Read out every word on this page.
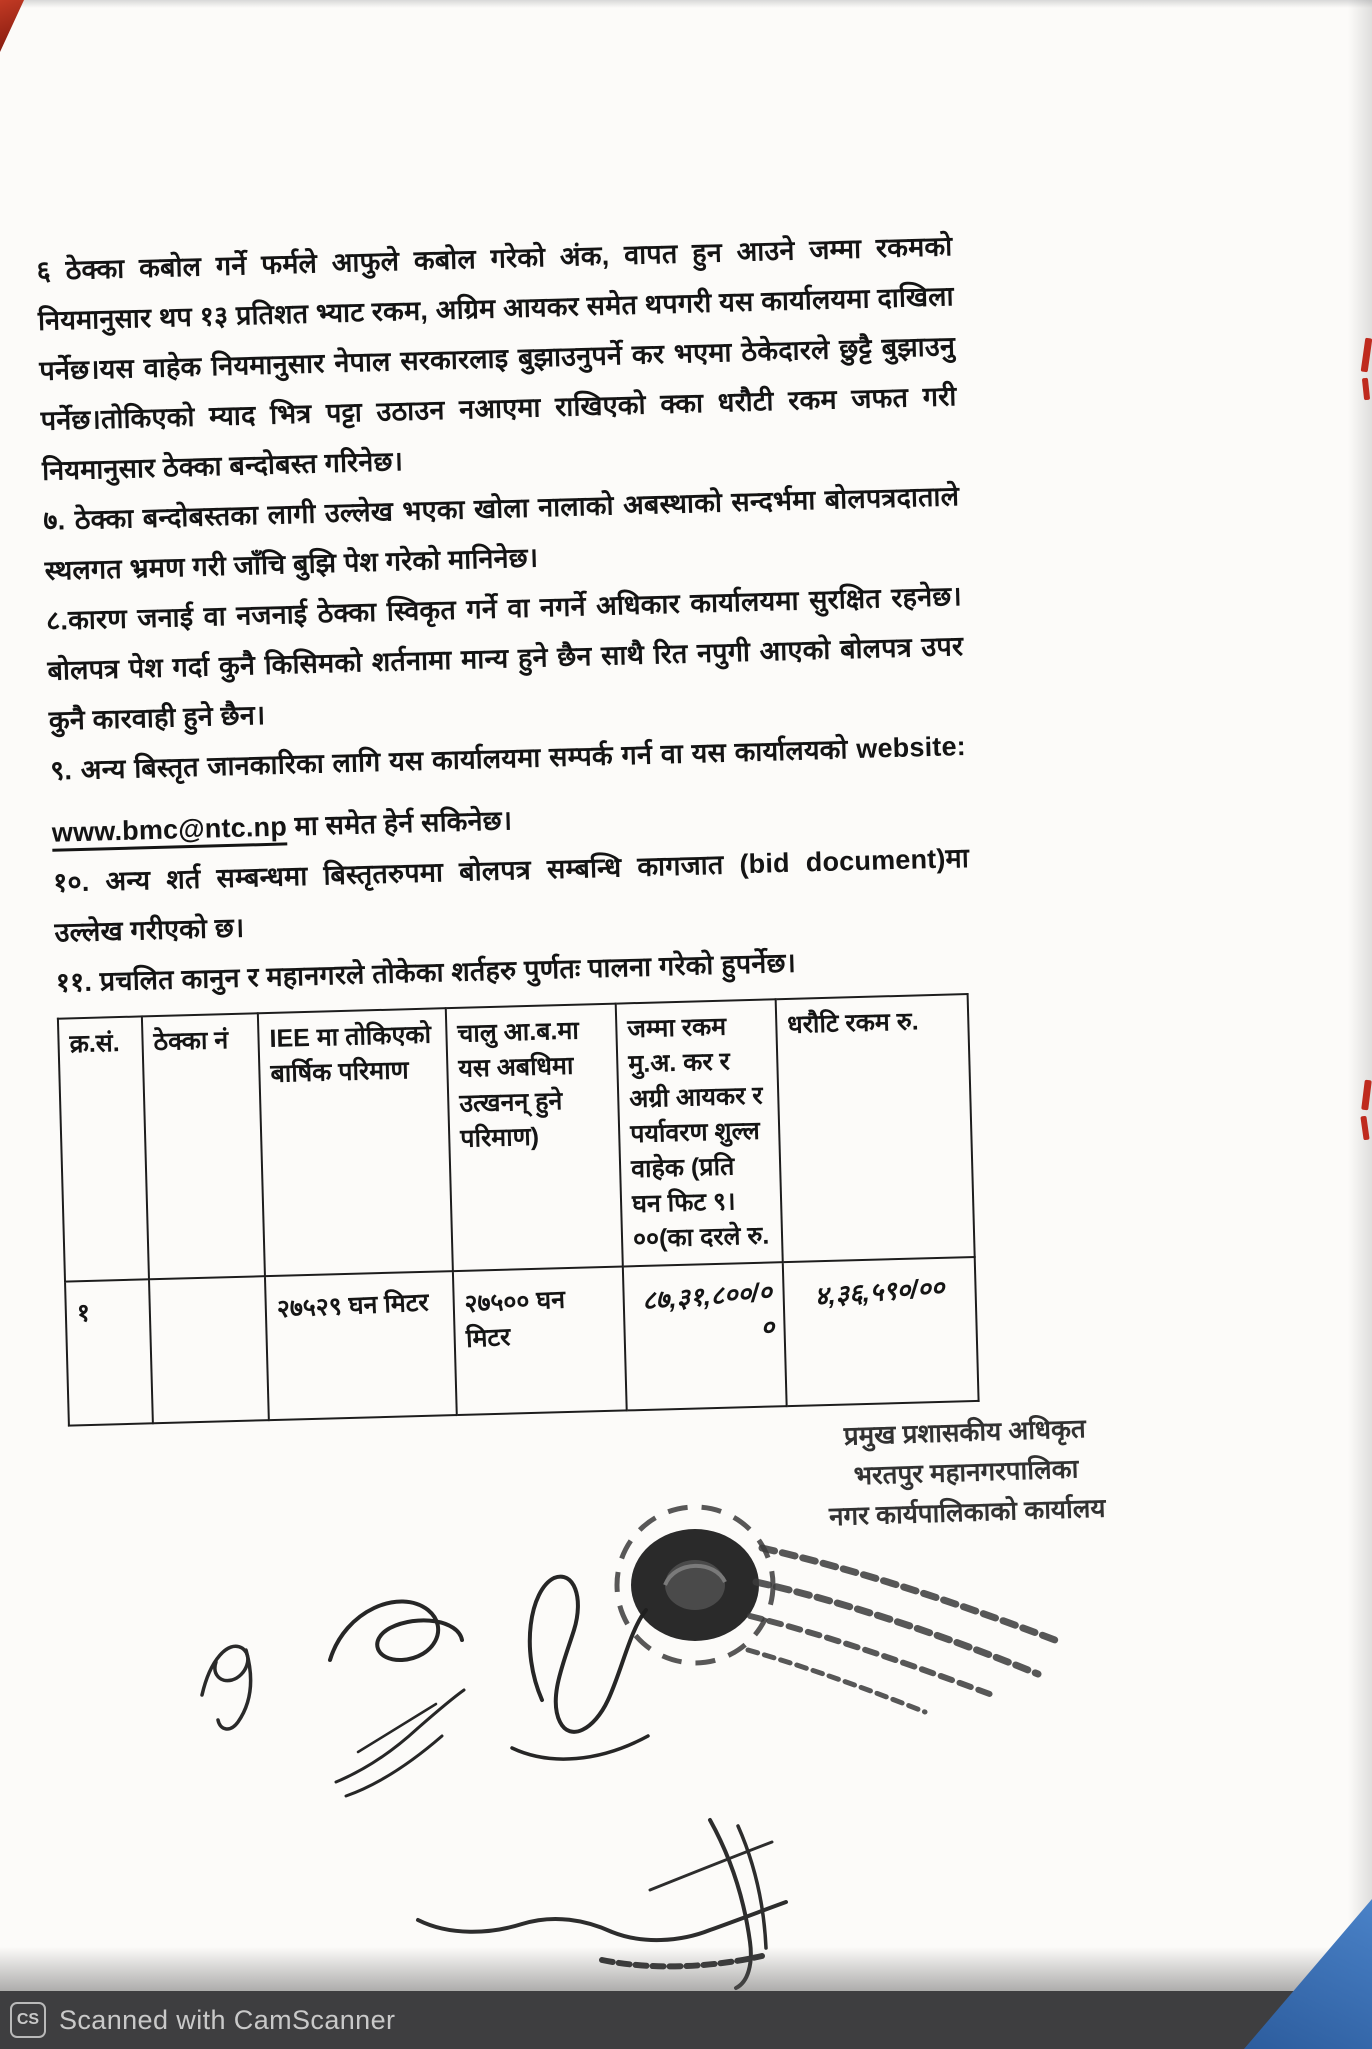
६ ठेक्का कबोल गर्ने फर्मले आफुले कबोल गरेको अंक, वापत हुन आउने जम्मा रकमको नियमानुसार थप १३ प्रतिशत भ्याट रकम, अग्रिम आयकर समेत थपगरी यस कार्यालयमा दाखिला पर्नेछ।यस वाहेक नियमानुसार नेपाल सरकारलाइ बुझाउनुपर्ने कर भएमा ठेकेदारले छुट्टै बुझाउनु पर्नेछ।तोकिएको म्याद भित्र पट्टा उठाउन नआएमा राखिएको क्का धरौटी रकम जफत गरी नियमानुसार ठेक्का बन्दोबस्त गरिनेछ।

७. ठेक्का बन्दोबस्तका लागी उल्लेख भएका खोला नालाको अबस्थाको सन्दर्भमा बोलपत्रदाताले स्थलगत भ्रमण गरी जाँचि बुझि पेश गरेको मानिनेछ।

८.कारण जनाई वा नजनाई ठेक्का स्विकृत गर्ने वा नगर्ने अधिकार कार्यालयमा सुरक्षित रहनेछ।बोलपत्र पेश गर्दा कुनै किसिमको शर्तनामा मान्य हुने छैन साथै रित नपुगी आएको बोलपत्र उपर कुनै कारवाही हुने छैन।

९. अन्य बिस्तृत जानकारिका लागि यस कार्यालयमा सम्पर्क गर्न वा यस कार्यालयको website:

www.bmc@ntc.np मा समेत हेर्न सकिनेछ।

१०. अन्य शर्त सम्बन्धमा बिस्तृतरुपमा बोलपत्र सम्बन्धि कागजात (bid document)मा उल्लेख गरीएको छ।

११. प्रचलित कानुन र महानगरले तोकेका शर्तहरु पुर्णतः पालना गरेको हुपर्नेछ।

क्र.सं.	ठेक्का नं	IEE मा तोकिएको बार्षिक परिमाण	चालु आ.ब.मा यस अबधिमा उत्खनन् हुने परिमाण)	जम्मा रकम मु.अ. कर र अग्री आयकर र पर्यावरण शुल्ल वाहेक (प्रति घन फिट ९।००(का दरले रु.	धरौटि रकम रु.
१		२७५२९ घन मिटर	२७५०० घन मिटर	८७,३१,८००/००	४,३६,५९०/००
प्रमुख प्रशासकीय अधिकृत
भरतपुर महानगरपालिका
नगर कार्यपालिकाको कार्यालय
CS Scanned with CamScanner
